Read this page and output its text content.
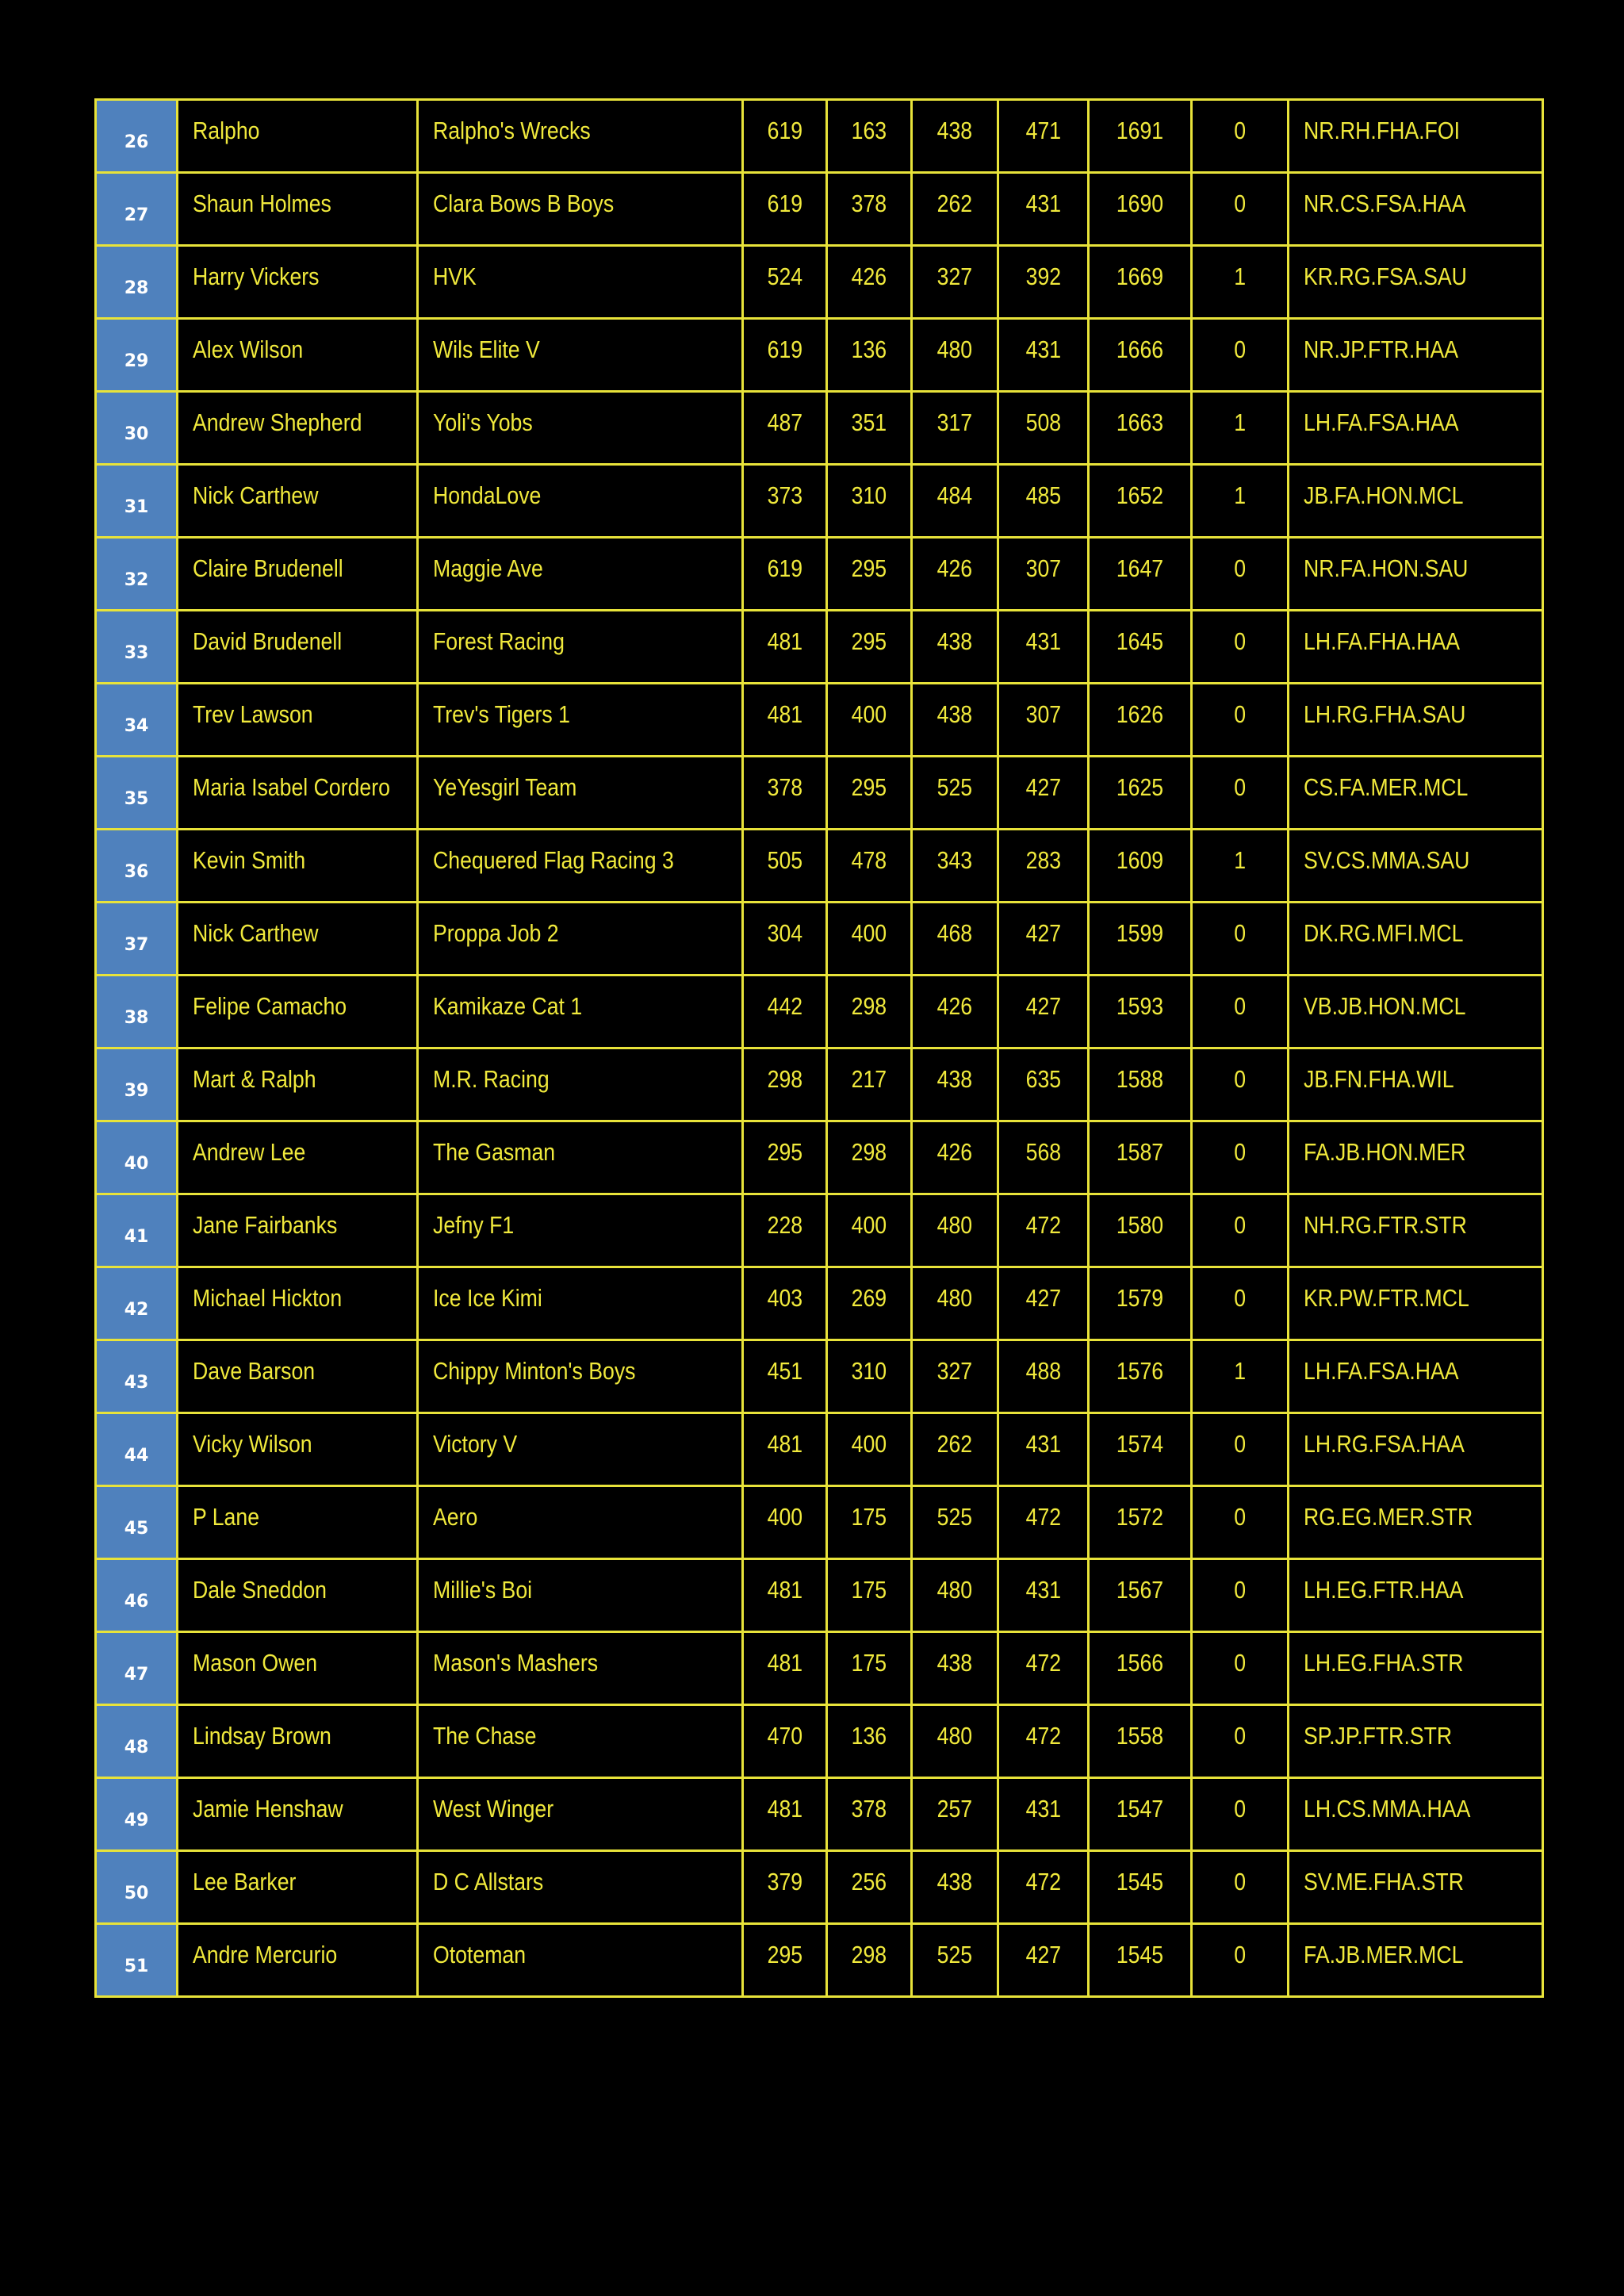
26	Ralpho	Ralpho's Wrecks	619	163	438	471	1691	0	NR.RH.FHA.FOI
27	Shaun Holmes	Clara Bows B Boys	619	378	262	431	1690	0	NR.CS.FSA.HAA
28	Harry Vickers	HVK	524	426	327	392	1669	1	KR.RG.FSA.SAU
29	Alex Wilson	Wils Elite V	619	136	480	431	1666	0	NR.JP.FTR.HAA
30	Andrew Shepherd	Yoli's Yobs	487	351	317	508	1663	1	LH.FA.FSA.HAA
31	Nick Carthew	HondaLove	373	310	484	485	1652	1	JB.FA.HON.MCL
32	Claire Brudenell	Maggie Ave	619	295	426	307	1647	0	NR.FA.HON.SAU
33	David Brudenell	Forest Racing	481	295	438	431	1645	0	LH.FA.FHA.HAA
34	Trev Lawson	Trev's Tigers 1	481	400	438	307	1626	0	LH.RG.FHA.SAU
35	Maria Isabel Cordero	YeYesgirl Team	378	295	525	427	1625	0	CS.FA.MER.MCL
36	Kevin Smith	Chequered Flag Racing 3	505	478	343	283	1609	1	SV.CS.MMA.SAU
37	Nick Carthew	Proppa Job 2	304	400	468	427	1599	0	DK.RG.MFI.MCL
38	Felipe Camacho	Kamikaze Cat 1	442	298	426	427	1593	0	VB.JB.HON.MCL
39	Mart & Ralph	M.R. Racing	298	217	438	635	1588	0	JB.FN.FHA.WIL
40	Andrew Lee	The Gasman	295	298	426	568	1587	0	FA.JB.HON.MER
41	Jane Fairbanks	Jefny F1	228	400	480	472	1580	0	NH.RG.FTR.STR
42	Michael Hickton	Ice Ice Kimi	403	269	480	427	1579	0	KR.PW.FTR.MCL
43	Dave Barson	Chippy Minton's Boys	451	310	327	488	1576	1	LH.FA.FSA.HAA
44	Vicky Wilson	Victory V	481	400	262	431	1574	0	LH.RG.FSA.HAA
45	P Lane	Aero	400	175	525	472	1572	0	RG.EG.MER.STR
46	Dale Sneddon	Millie's Boi	481	175	480	431	1567	0	LH.EG.FTR.HAA
47	Mason Owen	Mason's Mashers	481	175	438	472	1566	0	LH.EG.FHA.STR
48	Lindsay Brown	The Chase	470	136	480	472	1558	0	SP.JP.FTR.STR
49	Jamie Henshaw	West Winger	481	378	257	431	1547	0	LH.CS.MMA.HAA
50	Lee Barker	D C Allstars	379	256	438	472	1545	0	SV.ME.FHA.STR
51	Andre Mercurio	Ototeman	295	298	525	427	1545	0	FA.JB.MER.MCL
